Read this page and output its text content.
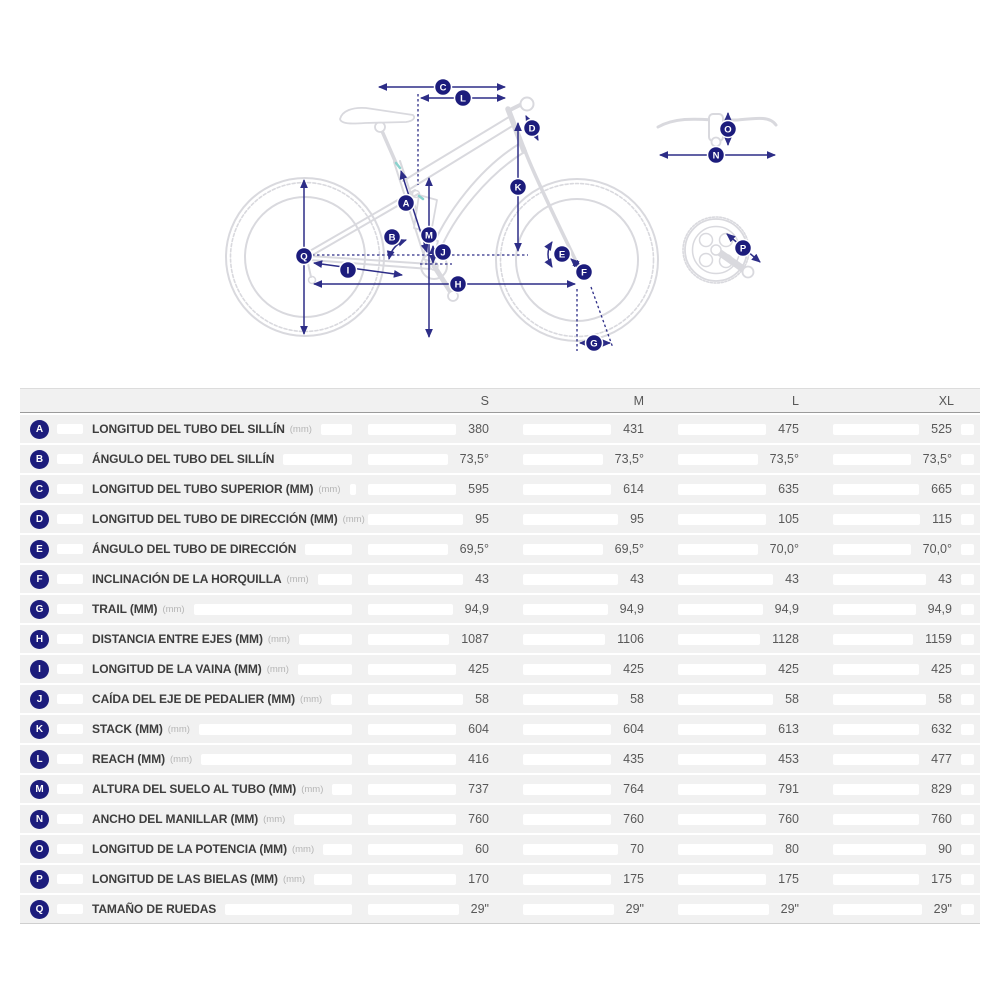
C
L
D
K
A
B	M
J
Q
I
H
E
F
G
O
N
P
S	M	L	XL
A	LONGITUD DEL TUBO DEL SILLÍN (mm)	380	431	475	525
B	ÁNGULO DEL TUBO DEL SILLÍN	73,5°	73,5°	73,5°	73,5°
C	LONGITUD DEL TUBO SUPERIOR (MM) (mm)	595	614	635	665
D	LONGITUD DEL TUBO DE DIRECCIÓN (MM) (mm)	95	95	105	115
E	ÁNGULO DEL TUBO DE DIRECCIÓN	69,5°	69,5°	70,0°	70,0°
F	INCLINACIÓN DE LA HORQUILLA (mm)	43	43	43	43
G	TRAIL (MM) (mm)	94,9	94,9	94,9	94,9
H	DISTANCIA ENTRE EJES (MM) (mm)	1087	1106	1128	1159
I	LONGITUD DE LA VAINA (MM) (mm)	425	425	425	425
J	CAÍDA DEL EJE DE PEDALIER (MM) (mm)	58	58	58	58
K	STACK (MM) (mm)	604	604	613	632
L	REACH (MM) (mm)	416	435	453	477
M	ALTURA DEL SUELO AL TUBO (MM) (mm)	737	764	791	829
N	ANCHO DEL MANILLAR (MM) (mm)	760	760	760	760
O	LONGITUD DE LA POTENCIA (MM) (mm)	60	70	80	90
P	LONGITUD DE LAS BIELAS (MM) (mm)	170	175	175	175
Q	TAMAÑO DE RUEDAS	29"	29"	29"	29"
